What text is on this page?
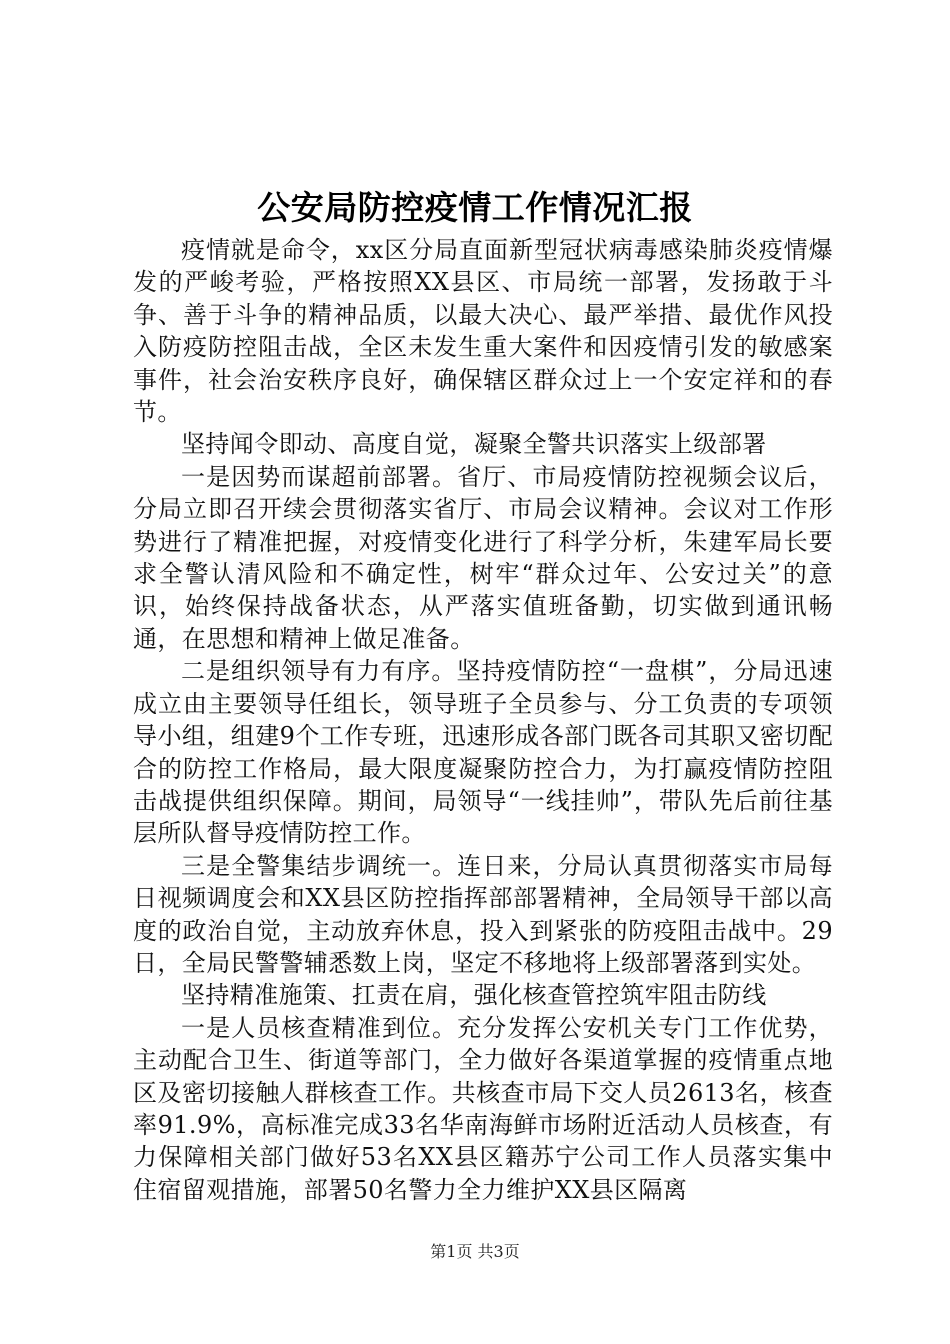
公安局防控疫情工作情况汇报

疫情就是命令，xx区分局直面新型冠状病毒感染肺炎疫情爆发的严峻考验，严格按照XX县区、市局统一部署，发扬敢于斗争、善于斗争的精神品质，以最大决心、最严举措、最优作风投入防疫防控阻击战，全区未发生重大案件和因疫情引发的敏感案事件，社会治安秩序良好，确保辖区群众过上一个安定祥和的春节。

坚持闻令即动、高度自觉，凝聚全警共识落实上级部署

一是因势而谋超前部署。省厅、市局疫情防控视频会议后，分局立即召开续会贯彻落实省厅、市局会议精神。会议对工作形势进行了精准把握，对疫情变化进行了科学分析，朱建军局长要求全警认清风险和不确定性，树牢“群众过年、公安过关”的意识，始终保持战备状态，从严落实值班备勤，切实做到通讯畅通，在思想和精神上做足准备。

二是组织领导有力有序。坚持疫情防控“一盘棋”，分局迅速成立由主要领导任组长，领导班子全员参与、分工负责的专项领导小组，组建9个工作专班，迅速形成各部门既各司其职又密切配合的防控工作格局，最大限度凝聚防控合力，为打赢疫情防控阻击战提供组织保障。期间，局领导“一线挂帅”，带队先后前往基层所队督导疫情防控工作。

三是全警集结步调统一。连日来，分局认真贯彻落实市局每日视频调度会和XX县区防控指挥部部署精神，全局领导干部以高度的政治自觉，主动放弃休息，投入到紧张的防疫阻击战中。29日，全局民警警辅悉数上岗，坚定不移地将上级部署落到实处。

坚持精准施策、扛责在肩，强化核查管控筑牢阻击防线

一是人员核查精准到位。充分发挥公安机关专门工作优势，主动配合卫生、街道等部门，全力做好各渠道掌握的疫情重点地区及密切接触人群核查工作。共核查市局下交人员2613名，核查率91.9%，高标准完成33名华南海鲜市场附近活动人员核查，有力保障相关部门做好53名XX县区籍苏宁公司工作人员落实集中住宿留观措施，部署50名警力全力维护XX县区隔离

第1页 共3页
